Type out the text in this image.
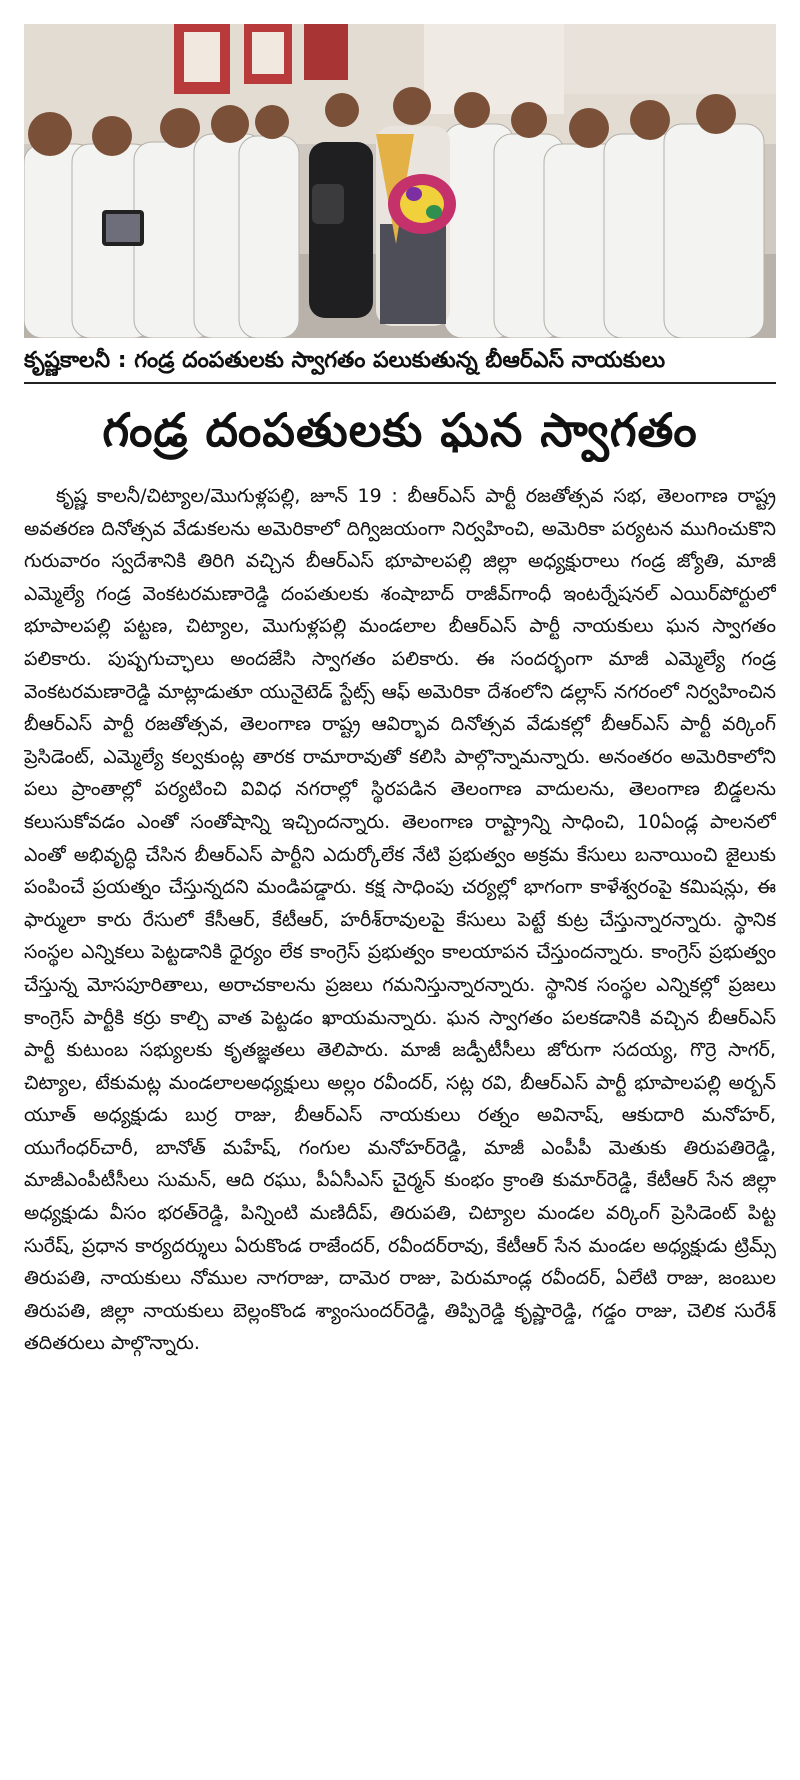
కృష్ణకాలనీ : గండ్ర దంపతులకు స్వాగతం పలుకుతున్న బీఆర్ఎస్ నాయకులు
గండ్ర దంపతులకు ఘన స్వాగతం

కృష్ణ కాలనీ/చిట్యాల/మొగుళ్లపల్లి, జూన్ 19 : బీఆర్ఎస్ పార్టీ రజతోత్సవ సభ, తెలంగాణ రాష్ట్ర అవతరణ దినోత్సవ వేడుకలను అమెరికాలో దిగ్విజయంగా నిర్వహించి, అమెరికా పర్యటన ముగించుకొని గురువారం స్వదేశానికి తిరిగి వచ్చిన బీఆర్ఎస్ భూపాలపల్లి జిల్లా అధ్యక్షురాలు గండ్ర జ్యోతి, మాజీ ఎమ్మెల్యే గండ్ర వెంకటరమణారెడ్డి దంపతులకు శంషాబాద్ రాజీవ్‌గాంధీ ఇంటర్నేషనల్ ఎయిర్‌పోర్టులో భూపాలపల్లి పట్టణ, చిట్యాల, మొగుళ్లపల్లి మండలాల బీఆర్ఎస్ పార్టీ నాయకులు ఘన స్వాగతం పలికారు. పుష్పగుచ్ఛాలు అందజేసి స్వాగతం పలికారు. ఈ సందర్భంగా మాజీ ఎమ్మెల్యే గండ్ర వెంకటరమణారెడ్డి మాట్లాడుతూ యునైటెడ్ స్టేట్స్ ఆఫ్ అమెరికా దేశంలోని డల్లాస్ నగరంలో నిర్వహించిన బీఆర్ఎస్ పార్టీ రజతోత్సవ, తెలంగాణ రాష్ట్ర ఆవిర్భావ దినోత్సవ వేడుకల్లో బీఆర్ఎస్ పార్టీ వర్కింగ్ ప్రెసిడెంట్, ఎమ్మెల్యే కల్వకుంట్ల తారక రామారావుతో కలిసి పాల్గొన్నామన్నారు. అనంతరం అమెరికాలోని పలు ప్రాంతాల్లో పర్యటించి వివిధ నగరాల్లో స్థిరపడిన తెలంగాణ వాదులను, తెలంగాణ బిడ్డలను కలుసుకోవడం ఎంతో సంతోషాన్ని ఇచ్చిందన్నారు. తెలంగాణ రాష్ట్రాన్ని సాధించి, 10ఏండ్ల పాలనలో ఎంతో అభివృద్ధి చేసిన బీఆర్ఎస్ పార్టీని ఎదుర్కోలేక నేటి ప్రభుత్వం అక్రమ కేసులు బనాయించి జైలుకు పంపించే ప్రయత్నం చేస్తున్నదని మండిపడ్డారు. కక్ష సాధింపు చర్యల్లో భాగంగా కాళేశ్వరంపై కమిషన్లు, ఈ ఫార్ములా కారు రేసులో కేసీఆర్, కేటీఆర్, హరీశ్‌రావులపై కేసులు పెట్టే కుట్ర చేస్తున్నారన్నారు. స్థానిక సంస్థల ఎన్నికలు పెట్టడానికి ధైర్యం లేక కాంగ్రెస్ ప్రభుత్వం కాలయాపన చేస్తుందన్నారు. కాంగ్రెస్ ప్రభుత్వం చేస్తున్న మోసపూరితాలు, అరాచకాలను ప్రజలు గమనిస్తున్నారన్నారు. స్థానిక సంస్థల ఎన్నికల్లో ప్రజలు కాంగ్రెస్ పార్టీకి కర్రు కాల్చి వాత పెట్టడం ఖాయమన్నారు. ఘన స్వాగతం పలకడానికి వచ్చిన బీఆర్ఎస్ పార్టీ కుటుంబ సభ్యులకు కృతజ్ఞతలు తెలిపారు. మాజీ జడ్పీటీసీలు జోరుగా సదయ్య, గొర్రె సాగర్, చిట్యాల, టేకుమట్ల మండలాలఅధ్యక్షులు అల్లం రవీందర్, సట్ల రవి, బీఆర్ఎస్ పార్టీ భూపాలపల్లి అర్బన్ యూత్ అధ్యక్షుడు బుర్ర రాజు, బీఆర్ఎస్ నాయకులు రత్నం అవినాష్, ఆకుదారి మనోహర్, యుగేంధర్‌చారీ, బానోత్ మహేష్, గంగుల మనోహర్‌రెడ్డి, మాజీ ఎంపీపీ మెతుకు తిరుపతిరెడ్డి, మాజీఎంపీటీసీలు సుమన్, ఆది రఘు, పీఏసీఎస్ చైర్మన్ కుంభం క్రాంతి కుమార్‌రెడ్డి, కేటీఆర్ సేన జిల్లా అధ్యక్షుడు వీసం భరత్‌రెడ్డి, పిన్నింటి మణిదీప్, తిరుపతి, చిట్యాల మండల వర్కింగ్ ప్రెసిడెంట్ పిట్ట సురేష్, ప్రధాన కార్యదర్శులు ఏరుకొండ రాజేందర్, రవీందర్‌రావు, కేటీఆర్ సేన మండల అధ్యక్షుడు ట్రిమ్స్ తిరుపతి, నాయకులు నోముల నాగరాజు, దామెర రాజు, పెరుమాండ్ల రవీందర్, ఏలేటి రాజు, జంబుల తిరుపతి, జిల్లా నాయకులు బెల్లంకొండ శ్యాంసుందర్‌రెడ్డి, తిప్పిరెడ్డి కృష్ణారెడ్డి, గడ్డం రాజు, చెలిక సురేశ్ తదితరులు పాల్గొన్నారు.
